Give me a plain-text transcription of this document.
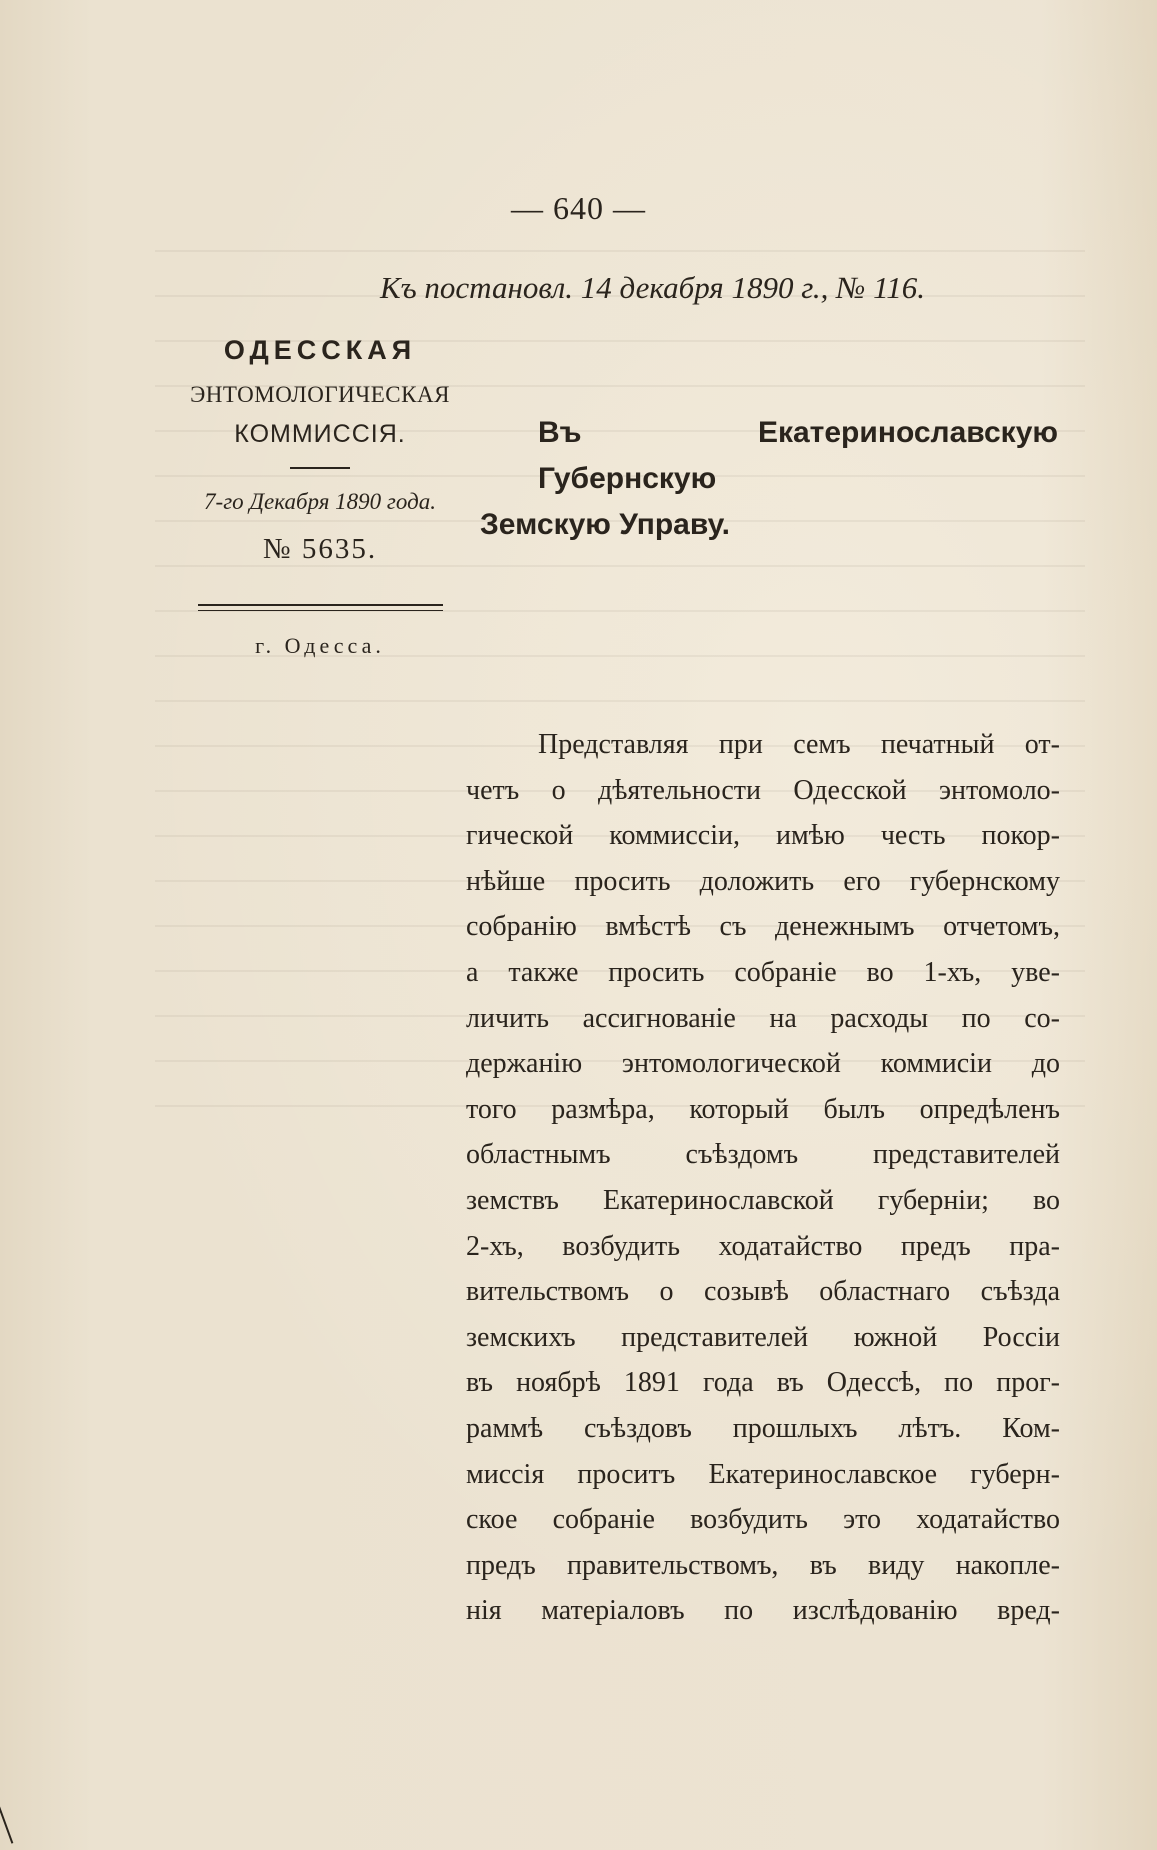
— 640 —
Къ постановл. 14 декабря 1890 г., № 116.
ОДЕССКАЯ
ЭНТОМОЛОГИЧЕСКАЯ
КОММИССІЯ.
7-го Декабря 1890 года.
№ 5635.
г. Одесса.
Въ Екатеринославскую Губернскую
Земскую Управу.
Представляя при семъ печатный от-
четъ о дѣятельности Одесской энтомоло-
гической коммиссіи, имѣю честь покор-
нѣйше просить доложить его губернскому
собранію вмѣстѣ съ денежнымъ отчетомъ,
а также просить собраніе во 1-хъ, уве-
личить ассигнованіе на расходы по со-
держанію энтомологической коммисіи до
того размѣра, который былъ опредѣленъ
областнымъ съѣздомъ представителей
земствъ Екатеринославской губерніи; во
2-хъ, возбудить ходатайство предъ пра-
вительствомъ о созывѣ областнаго съѣзда
земскихъ представителей южной Россіи
въ ноябрѣ 1891 года въ Одессѣ, по прог-
раммѣ съѣздовъ прошлыхъ лѣтъ. Ком-
миссія проситъ Екатеринославское губерн-
ское собраніе возбудить это ходатайство
предъ правительствомъ, въ виду накопле-
нія матеріаловъ по изслѣдованію вред-
